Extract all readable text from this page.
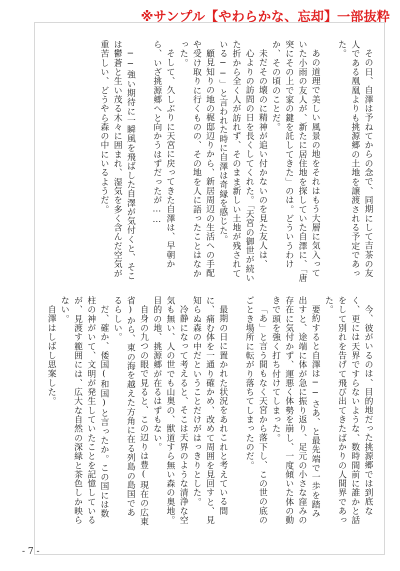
※サンプル【やわらかな、忘却】一部抜粋

その日、自澤は予ねてからの念で、同期にして吉茶の友人である凰凰よりも挑源郷の土地を譲渡される予定であった。

あの道理で美しい風景の地をそれはもう大層に気入っていた小雨の友人が、新たに居住地を探していた自澤に、「唐突にその上で家の鍵を託してきた」のは。どういうわけか、その頃のことだ。

未だその壊のに精神が追い付かないのを見た友人は、

心よりの訪問の日を長くしてくれた。「天宮の御世が続いた折から全く人が訪れず、そのまま新しい土地が残されている──」と言われた時に自澤は奇縁を感じた。

顧見知りの地の梶邸辺りから、新居周辺の生活への手配や受け取りに行くものの、その地を人に語ったことはなかった。

そして、久しぶりに天宮に戻ってきた自澤は、早朝から、いざ挑源郷へと向かうはずだったが……

──強い期待に一瞬風を飛ばした自澤が気付くと、そこは鬱蒼と生い茂る木々に囲まれ、湿気を多く含んだ空気が重苦しい、どうやら森の中にいるようだ。

今、彼がいるのは、目的地だった挑源郷では到底なく、更には天界ですらないような、数時間前に誰かと話をして別れを告げて飛び出てきたばかりの人間界であった。

要約すると自澤は──さあ、と最先端で一歩を踏み出すと、途端に体が急に振り返り、足元の小さな窪みの存在に気付かず、運悪く体勢を崩し、一度傾いた体の動きで頭を強く打ち付けてしまった。

「あ」と言う間もなく天宮から落下し、この世の底のごとき場所に転がり落ちてしまったのだ。

最期の日に置かれた状況をあれこれと考えている間に、痛む体を一通り確かめ、改めて周囲を見回すと、見知らぬ森の中だということだけがはっきりとした。

冷静になって考えると、そこは天界のような清浄な空気も無い、人の世でも山奥の、獣道すら無い森の奥地。目的の地、挑源郷が在るはずもない。

自身の九つの眼で見ると、この辺りは豊(現在の広東省)から、東の海を越えた方角に在る列島の島国であるらしい。

だ、確か、倭国(和国)と言ったか。この国には数柱の神がいて、文明が発生していたことを記憶しているが、見渡す範囲には、広大な自然の深緑と茶色しか映らない。

自澤はしばし思案した。

- 7 -
